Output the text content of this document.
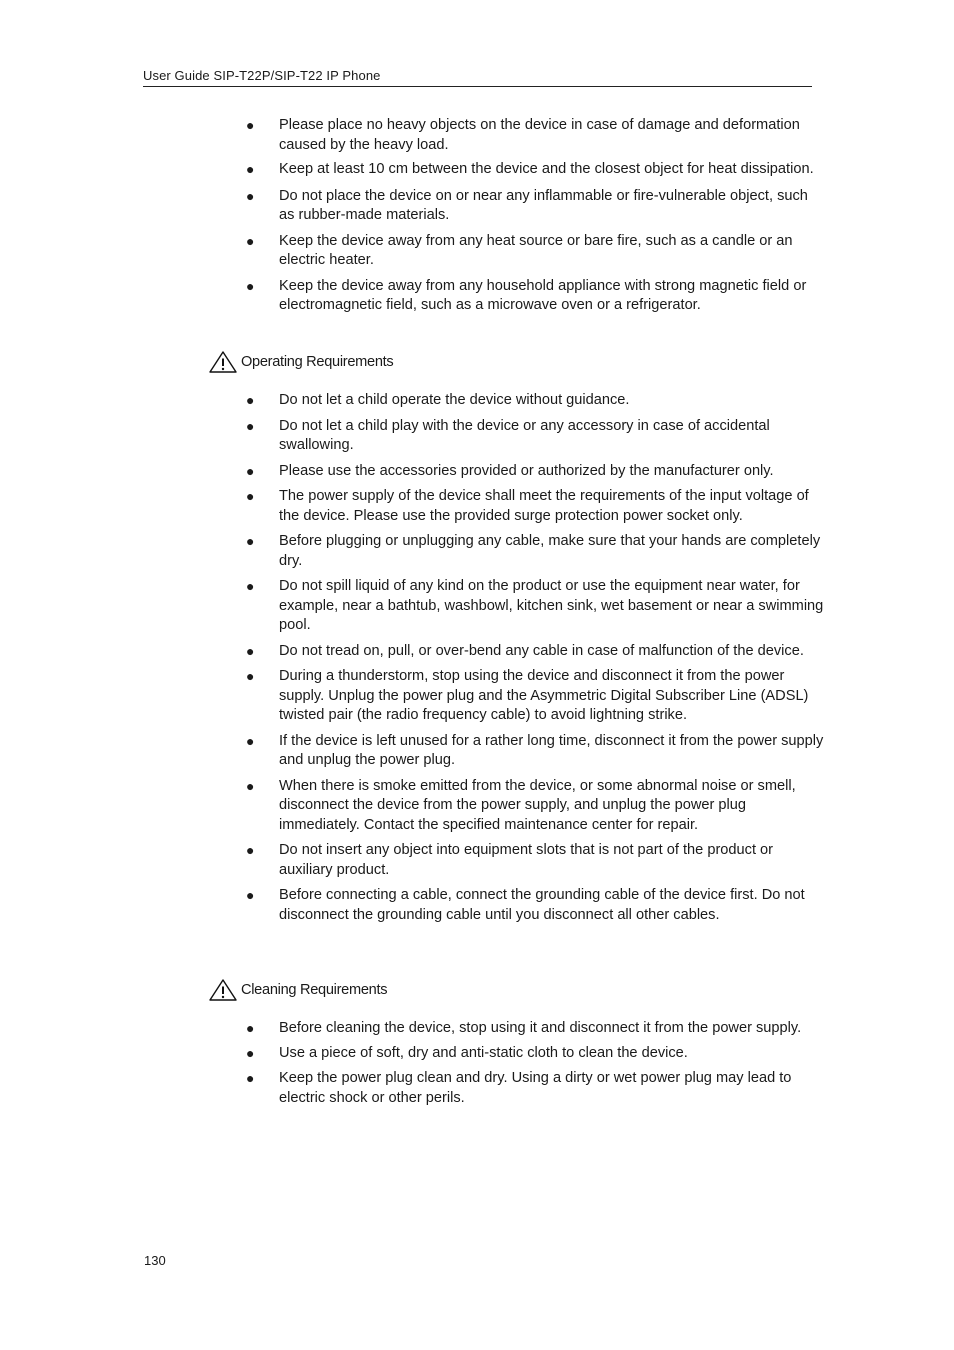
User Guide SIP-T22P/SIP-T22 IP Phone
● Please place no heavy objects on the device in case of damage and deformation caused by the heavy load.
● Keep at least 10 cm between the device and the closest object for heat dissipation.
● Do not place the device on or near any inflammable or fire-vulnerable object, such as rubber-made materials.
● Keep the device away from any heat source or bare fire, such as a candle or an electric heater.
● Keep the device away from any household appliance with strong magnetic field or electromagnetic field, such as a microwave oven or a refrigerator.
Operating Requirements
● Do not let a child operate the device without guidance.
● Do not let a child play with the device or any accessory in case of accidental swallowing.
● Please use the accessories provided or authorized by the manufacturer only.
● The power supply of the device shall meet the requirements of the input voltage of the device. Please use the provided surge protection power socket only.
● Before plugging or unplugging any cable, make sure that your hands are completely dry.
● Do not spill liquid of any kind on the product or use the equipment near water, for example, near a bathtub, washbowl, kitchen sink, wet basement or near a swimming pool.
● Do not tread on, pull, or over-bend any cable in case of malfunction of the device.
● During a thunderstorm, stop using the device and disconnect it from the power supply. Unplug the power plug and the Asymmetric Digital Subscriber Line (ADSL) twisted pair (the radio frequency cable) to avoid lightning strike.
● If the device is left unused for a rather long time, disconnect it from the power supply and unplug the power plug.
● When there is smoke emitted from the device, or some abnormal noise or smell, disconnect the device from the power supply, and unplug the power plug immediately. Contact the specified maintenance center for repair.
● Do not insert any object into equipment slots that is not part of the product or auxiliary product.
● Before connecting a cable, connect the grounding cable of the device first. Do not disconnect the grounding cable until you disconnect all other cables.
Cleaning Requirements
● Before cleaning the device, stop using it and disconnect it from the power supply.
● Use a piece of soft, dry and anti-static cloth to clean the device.
● Keep the power plug clean and dry. Using a dirty or wet power plug may lead to electric shock or other perils.
130
